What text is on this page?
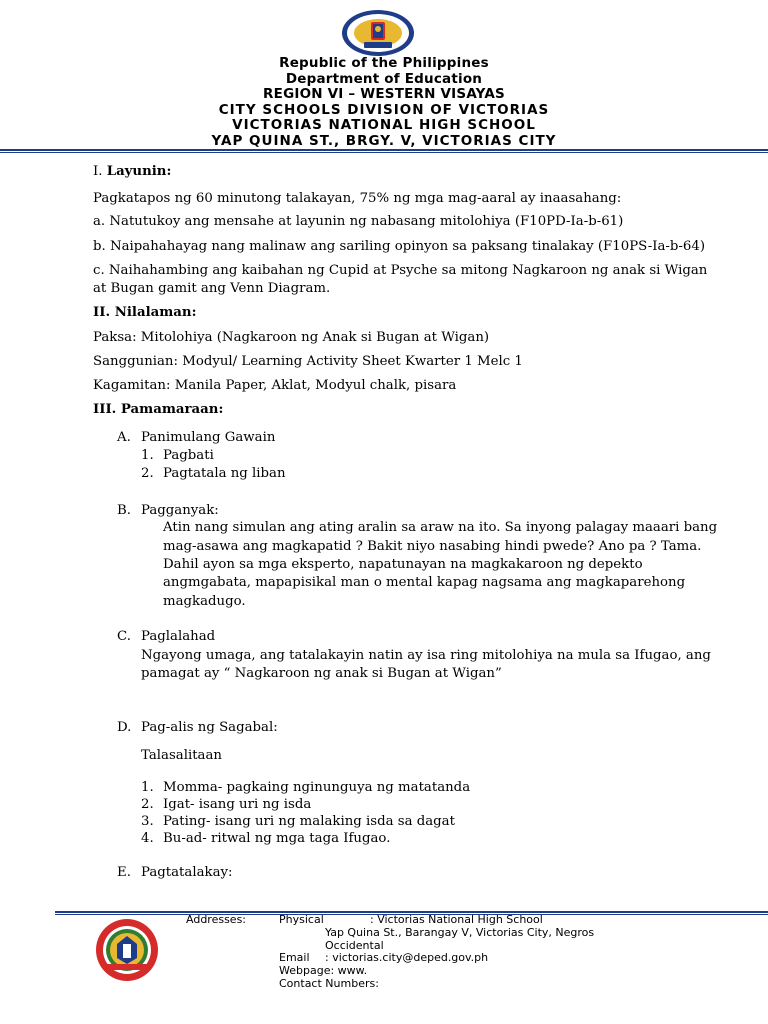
Republic of the Philippines
Department of Education
REGION VI – WESTERN VISAYAS
CITY SCHOOLS DIVISION OF VICTORIAS
VICTORIAS NATIONAL HIGH SCHOOL
YAP QUINA ST., BRGY. V, VICTORIAS CITY
I. Layunin:
Pagkatapos ng 60 minutong talakayan, 75% ng mga mag-aaral ay inaasahang:
a. Natutukoy ang mensahe at layunin ng nabasang mitolohiya (F10PD-Ia-b-61)
b. Naipahahayag nang malinaw ang sariling opinyon sa paksang tinalakay (F10PS-Ia-b-64)
c. Naihahambing ang kaibahan ng Cupid at Psyche sa mitong Nagkaroon ng anak si Wigan
at Bugan gamit ang Venn Diagram.
II. Nilalaman:
Paksa: Mitolohiya (Nagkaroon ng Anak si Bugan at Wigan)
Sanggunian: Modyul/ Learning Activity Sheet Kwarter 1 Melc 1
Kagamitan: Manila Paper, Aklat, Modyul chalk, pisara
III. Pamamaraan:
A. Panimulang Gawain
1. Pagbati
2. Pagtatala ng liban
B. Pagganyak:
Atin nang simulan ang ating aralin sa araw na ito. Sa inyong palagay maaari bang
mag-asawa ang magkapatid ? Bakit niyo nasabing hindi pwede? Ano pa ? Tama.
Dahil ayon sa mga eksperto, napatunayan na magkakaroon ng depekto
angmgabata, mapapisikal man o mental kapag nagsama ang magkaparehong
magkadugo.
C. Paglalahad
Ngayong umaga, ang tatalakayin natin ay isa ring mitolohiya na mula sa Ifugao, ang
pamagat ay “ Nagkaroon ng anak si Bugan at Wigan”
D. Pag-alis ng Sagabal:
Talasalitaan
1. Momma- pagkaing nginunguya ng matatanda
2. Igat- isang uri ng isda
3. Pating- isang uri ng malaking isda sa dagat
4. Bu-ad- ritwal ng mga taga Ifugao.
E. Pagtatalakay:
Addresses:	Physical	: Victorias National High School
Yap Quina St., Barangay V, Victorias City, Negros
Occidental
Email : victorias.city@deped.gov.ph
Webpage: www.
Contact Numbers:
